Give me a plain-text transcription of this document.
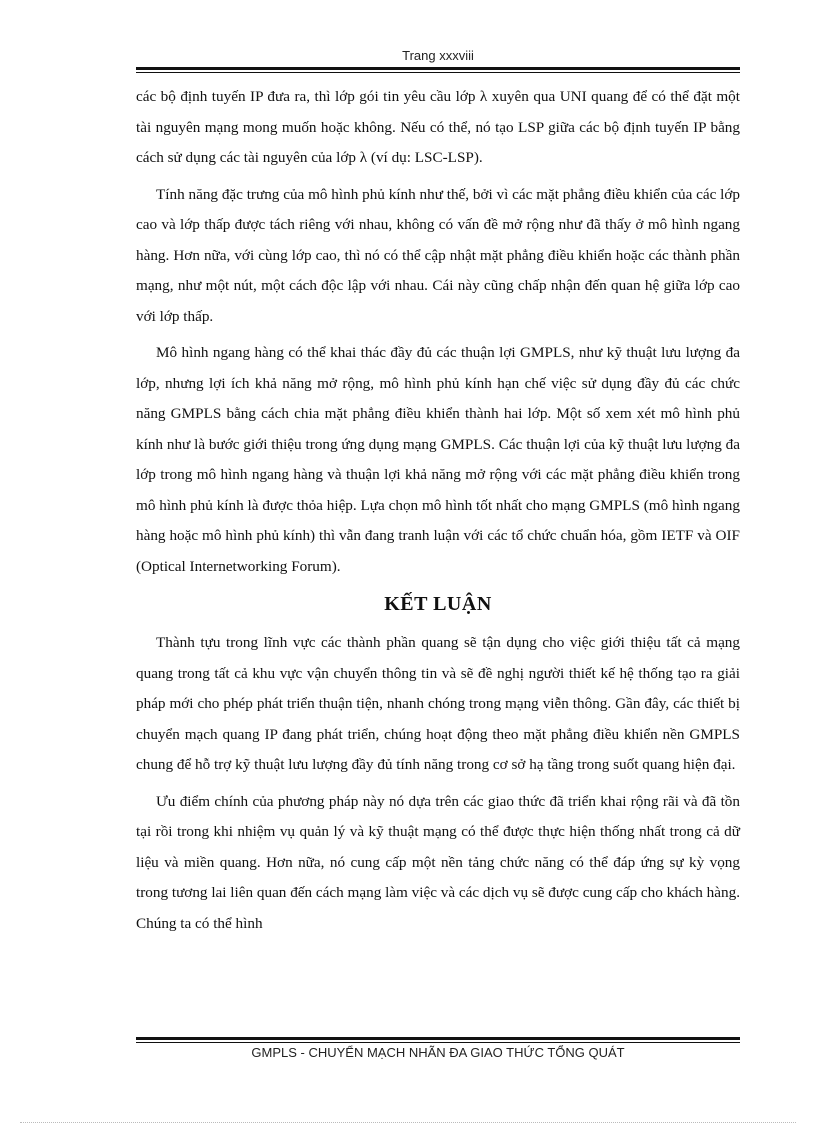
Trang xxxviii

các bộ định tuyến IP đưa ra, thì lớp gói tin yêu cầu lớp λ xuyên qua UNI quang để có thể đặt một tài nguyên mạng mong muốn hoặc không. Nếu có thể, nó tạo LSP giữa các bộ định tuyến IP bằng cách sử dụng các tài nguyên của lớp λ (ví dụ: LSC-LSP).

Tính năng đặc trưng của mô hình phủ kính như thế, bởi vì các mặt phẳng điều khiển của các lớp cao và lớp thấp được tách riêng với nhau, không có vấn đề mở rộng như đã thấy ở mô hình ngang hàng. Hơn nữa, với cùng lớp cao, thì nó có thể cập nhật mặt phẳng điều khiển hoặc các thành phần mạng, như một nút, một cách độc lập với nhau. Cái này cũng chấp nhận đến quan hệ giữa lớp cao với lớp thấp.

Mô hình ngang hàng có thể khai thác đầy đủ các thuận lợi GMPLS, như kỹ thuật lưu lượng đa lớp, nhưng lợi ích khả năng mở rộng, mô hình phủ kính hạn chế việc sử dụng đầy đủ các chức năng GMPLS bằng cách chia mặt phẳng điều khiển thành hai lớp. Một số xem xét mô hình phủ kính như là bước giới thiệu trong ứng dụng mạng GMPLS. Các thuận lợi của kỹ thuật lưu lượng đa lớp trong mô hình ngang hàng và thuận lợi khả năng mở rộng với các mặt phẳng điều khiển trong mô hình phủ kính là được thỏa hiệp. Lựa chọn mô hình tốt nhất cho mạng GMPLS (mô hình ngang hàng hoặc mô hình phủ kính) thì vẫn đang tranh luận với các tổ chức chuẩn hóa, gồm IETF và OIF (Optical Internetworking Forum).

KẾT LUẬN

Thành tựu trong lĩnh vực các thành phần quang sẽ tận dụng cho việc giới thiệu tất cả mạng quang trong tất cả khu vực vận chuyển thông tin và sẽ đề nghị người thiết kế hệ thống tạo ra giải pháp mới cho phép phát triển thuận tiện, nhanh chóng trong mạng viễn thông. Gần đây, các thiết bị chuyển mạch quang IP đang phát triển, chúng hoạt động theo mặt phẳng điều khiển nền GMPLS chung để hỗ trợ kỹ thuật lưu lượng đầy đủ tính năng trong cơ sở hạ tầng trong suốt quang hiện đại.

Ưu điểm chính của phương pháp này nó dựa trên các giao thức đã triển khai rộng rãi và đã tồn tại rồi trong khi nhiệm vụ quản lý và kỹ thuật mạng có thể được thực hiện thống nhất trong cả dữ liệu và miền quang. Hơn nữa, nó cung cấp một nền tảng chức năng có thể đáp ứng sự kỳ vọng trong tương lai liên quan đến cách mạng làm việc và các dịch vụ sẽ được cung cấp cho khách hàng. Chúng ta có thể hình

GMPLS - CHUYỂN MẠCH NHÃN ĐA GIAO THỨC TỔNG QUÁT
